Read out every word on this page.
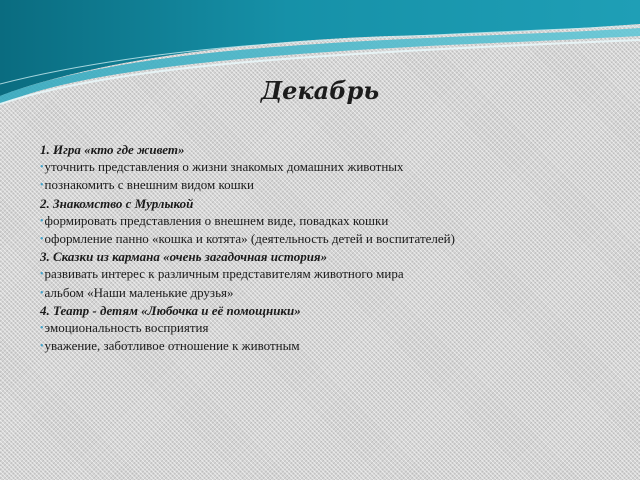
Декабрь
1. Игра «кто где живет»
•уточнить представления о жизни знакомых домашних животных
•познакомить с внешним видом кошки
2. Знакомство с Мурлыкой
•формировать представления о внешнем виде, повадках кошки
•оформление панно «кошка и котята» (деятельность детей и воспитателей)
3. Сказки из кармана «очень загадочная история»
•развивать интерес к различным представителям животного мира
•альбом «Наши маленькие друзья»
4. Театр - детям «Любочка и её помощники»
•эмоциональность восприятия
•уважение, заботливое отношение к животным
